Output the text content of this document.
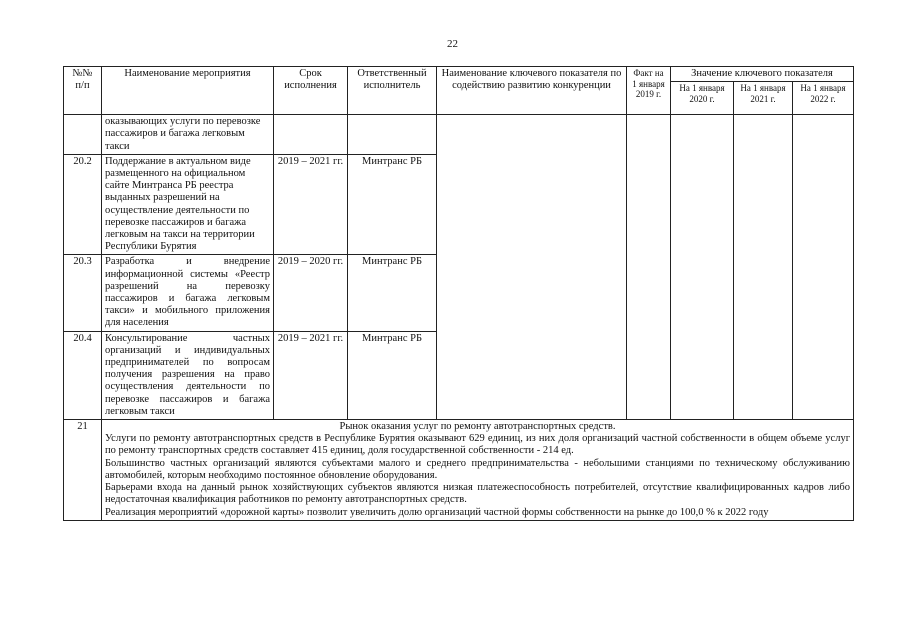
22
№№ п/п	Наименование мероприятия	Срок исполнения	Ответственный исполнитель	Наименование ключевого показателя по содействию развитию конкуренции	Факт на 1 января 2019 г.	Значение ключевого показателя		
						На 1 января 2020 г.	На 1 января 2021 г.	На 1 января 2022 г.
	оказывающих услуги по перевозке пассажиров и багажа легковым такси							
20.2	Поддержание в актуальном виде размещенного на официальном сайте Минтранса РБ реестра выданных разрешений на осуществление деятельности по перевозке пассажиров и багажа легковым на такси на территории Республики Бурятия	2019 – 2021 гг.	Минтранс РБ					
20.3	Разработка и внедрение информационной системы «Реестр разрешений на перевозку пассажиров и багажа легковым такси» и мобильного приложения для населения	2019 – 2020 гг.	Минтранс РБ					
20.4	Консультирование частных организаций и индивидуальных предпринимателей по вопросам получения разрешения на право осуществления деятельности по перевозке пассажиров и багажа легковым такси	2019 – 2021 гг.	Минтранс РБ					
21	Рынок оказания услуг по ремонту автотранспортных средств.
Услуги по ремонту автотранспортных средств в Республике Бурятия оказывают 629 единиц, из них доля организаций частной собственности в общем объеме услуг по ремонту транспортных средств составляет 415 единиц, доля государственной собственности - 214 ед.
Большинство частных организаций являются субъектами малого и среднего предпринимательства - небольшими станциями по техническому обслуживанию автомобилей, которым необходимо постоянное обновление оборудования.
Барьерами входа на данный рынок хозяйствующих субъектов являются низкая платежеспособность потребителей, отсутствие квалифицированных кадров либо недостаточная квалификация работников по ремонту автотранспортных средств.
Реализация мероприятий «дорожной карты» позволит увеличить долю организаций частной формы собственности на рынке до 100,0 % к 2022 году							
